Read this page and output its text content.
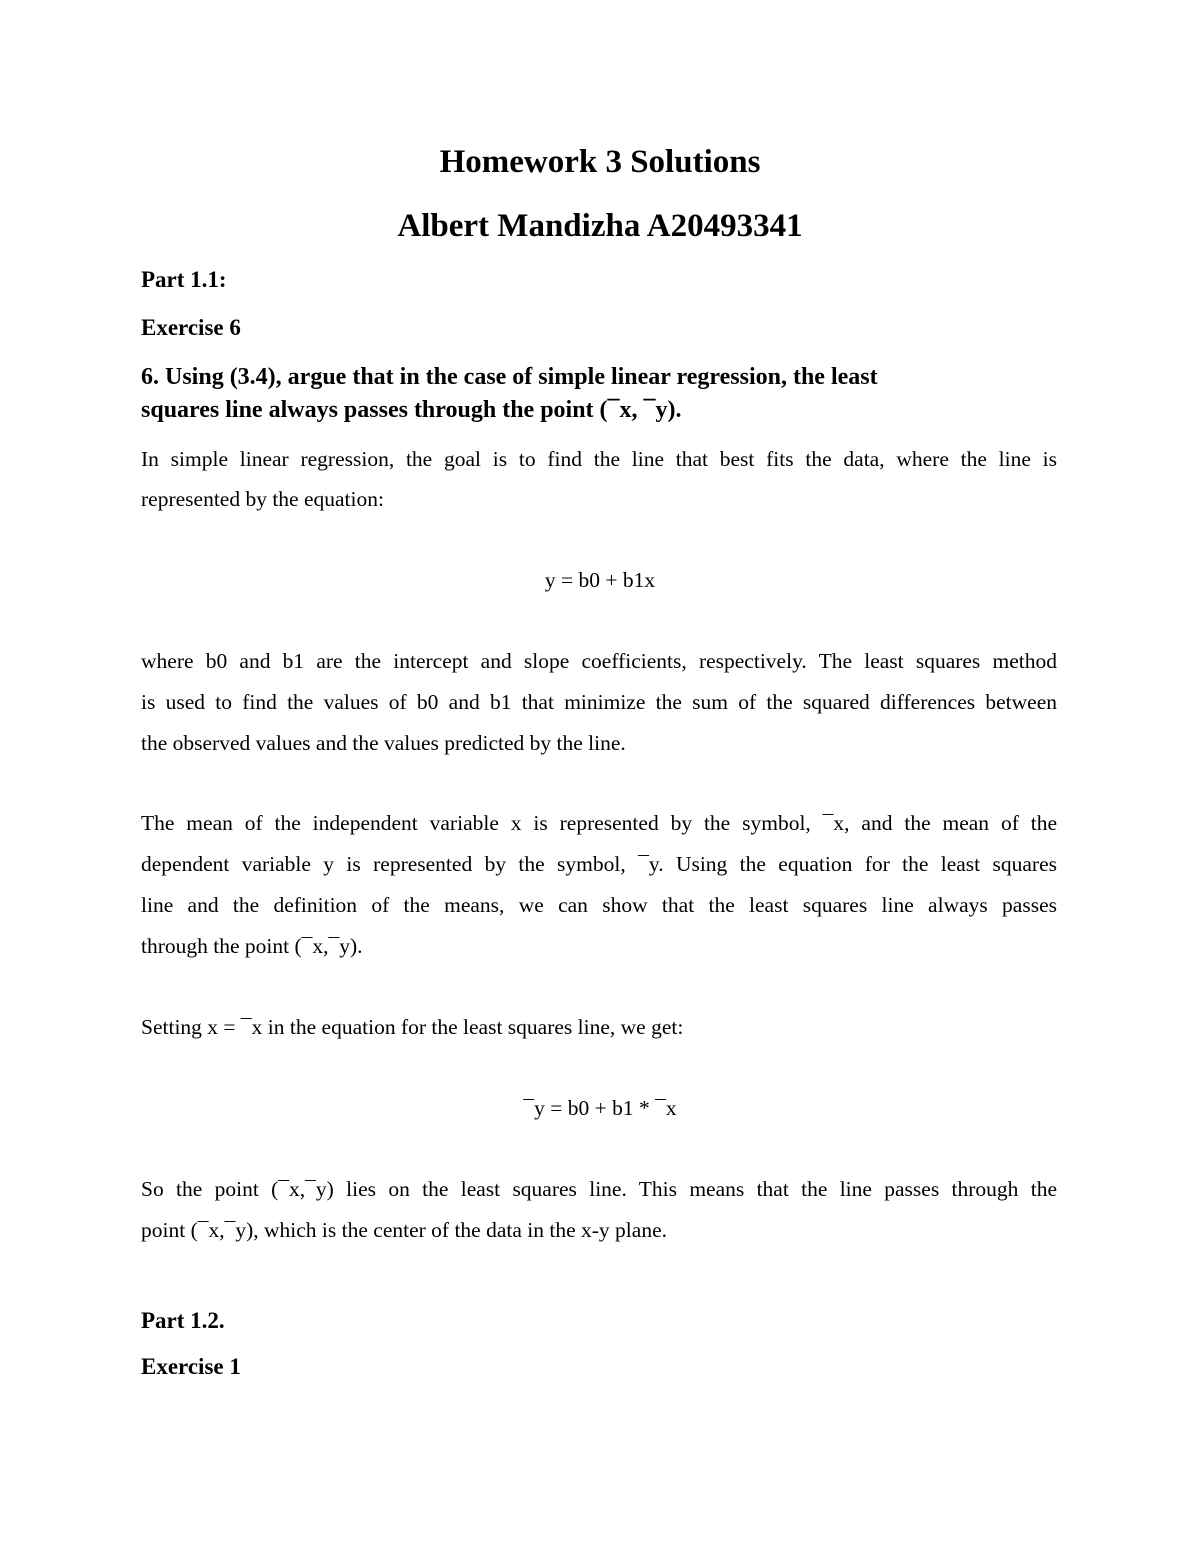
Homework 3 Solutions
Albert Mandizha A20493341
Part 1.1:
Exercise 6
6. Using (3.4), argue that in the case of simple linear regression, the least
squares line always passes through the point (¯x, ¯y).
In simple linear regression, the goal is to find the line that best fits the data, where the line is
represented by the equation:
y = b0 + b1x
where b0 and b1 are the intercept and slope coefficients, respectively. The least squares method
is used to find the values of b0 and b1 that minimize the sum of the squared differences between
the observed values and the values predicted by the line.
The mean of the independent variable x is represented by the symbol, ¯x, and the mean of the
dependent variable y is represented by the symbol, ¯y. Using the equation for the least squares
line and the definition of the means, we can show that the least squares line always passes
through the point (¯x,¯y).
Setting x = ¯x in the equation for the least squares line, we get:
¯y = b0 + b1 * ¯x
So the point (¯x,¯y) lies on the least squares line. This means that the line passes through the
point (¯x,¯y), which is the center of the data in the x-y plane.
Part 1.2.
Exercise 1
